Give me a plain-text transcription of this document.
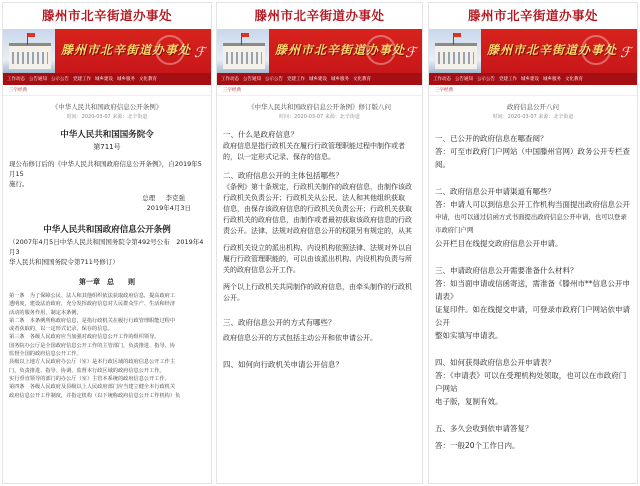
滕州市北辛街道办事处
滕州市北辛街道办事处 ℱ
工作动态 公告通知 公示公告 党建工作 城乡建设 城乡服务 文化教育
三字经典
《中华人民共和国政府信息公开条例》
时间：2020-03-07 来源：北辛街道
中华人民共和国国务院令
第711号
现公布修订后的《中华人民共和国政府信息公开条例》，自2019年5月15
施行。
总理 李克强
2019年4月3日
中华人民共和国政府信息公开条例
（2007年4月5日中华人民共和国国务院令第492号公布　2019年4月3
华人民共和国国务院令第711号修订）
第一章　总　　则
第一条　为了保障公民、法人和其他组织依法获取政府信息，提高政府工
透明度，建设法治政府，充分发挥政府信息对人民群众生产、生活和经济
活动的服务作用，制定本条例。
第二条　本条例所称政府信息，是指行政机关在履行行政管理职能过程中
或者获取的，以一定形式记录、保存的信息。
第三条　各级人民政府应当加强对政府信息公开工作的组织领导。
国务院办公厅是全国政府信息公开工作的主管部门，负责推进、指导、协
监督全国的政府信息公开工作。
县级以上地方人民政府办公厅（室）是本行政区域的政府信息公开工作主
门，负责推进、指导、协调、监督本行政区域的政府信息公开工作。
实行垂直领导的部门的办公厅（室）主管本系统的政府信息公开工作。
第四条　各级人民政府及县级以上人民政府部门应当建立健全本行政机关
政府信息公开工作制度，并指定机构（以下统称政府信息公开工作机构）负
滕州市北辛街道办事处
滕州市北辛街道办事处 ℱ
工作动态 公告通知 公示公告 党建工作 城乡建设 城乡服务 文化教育
三字经典
《中华人民共和国政府信息公开条例》修订版八问
时间：2020-03-07 来源：北辛街道
一、什么是政府信息？
政府信息是指行政机关在履行行政管理职能过程中制作或者
的，以一定形式记录、保存的信息。
二、政府信息公开的主体包括哪些？
《条例》第十条规定，行政机关制作的政府信息，由制作该政
行政机关负责公开；行政机关从公民、法人和其他组织获取
信息，由保存该政府信息的行政机关负责公开；行政机关获取
行政机关的政府信息，由制作或者最初获取该政府信息的行政
责公开。法律、法规对政府信息公开的权限另有规定的，从其
行政机关设立的派出机构、内设机构依照法律、法规对外以自
履行行政管理职能的，可以由该派出机构、内设机构负责与所
关的政府信息公开工作。
两个以上行政机关共同制作的政府信息，由牵头制作的行政机
公开。
三、政府信息公开的方式有哪些？
政府信息公开的方式包括主动公开和依申请公开。
四、如何向行政机关申请公开信息？
滕州市北辛街道办事处
滕州市北辛街道办事处 ℱ
工作动态 公告通知 公示公告 党建工作 城乡建设 城乡服务 文化教育
三字经典
政府信息公开八问
时间：2020-03-07 来源：北辛街道
一、已公开的政府信息在哪查阅？
答：可至市政府门户网站（中国滕州官网）政务公开专栏查阅。
二、政府信息公开申请渠道有哪些？
答：申请人可以到信息公开工作机构当面提出政府信息公开
申请，也可以通过信函方式书面提出政府信息公开申请，也可以登录市政府门户网
公开栏目在线提交政府信息公开申请。
三、申请政府信息公开需要准备什么材料？
答：如当面申请或信函寄送，需准备《滕州市**信息公开申请表》
证复印件。如在线提交申请，可登录市政府门户网站依申请公开
整如实填写申请表。
四、如何获得政府信息公开申请表？
答：《申请表》可以在受理机构处领取，也可以在市政府门户网站
电子版，复制有效。
五、多久会收到依申请答复？
答：一般20个工作日内。
